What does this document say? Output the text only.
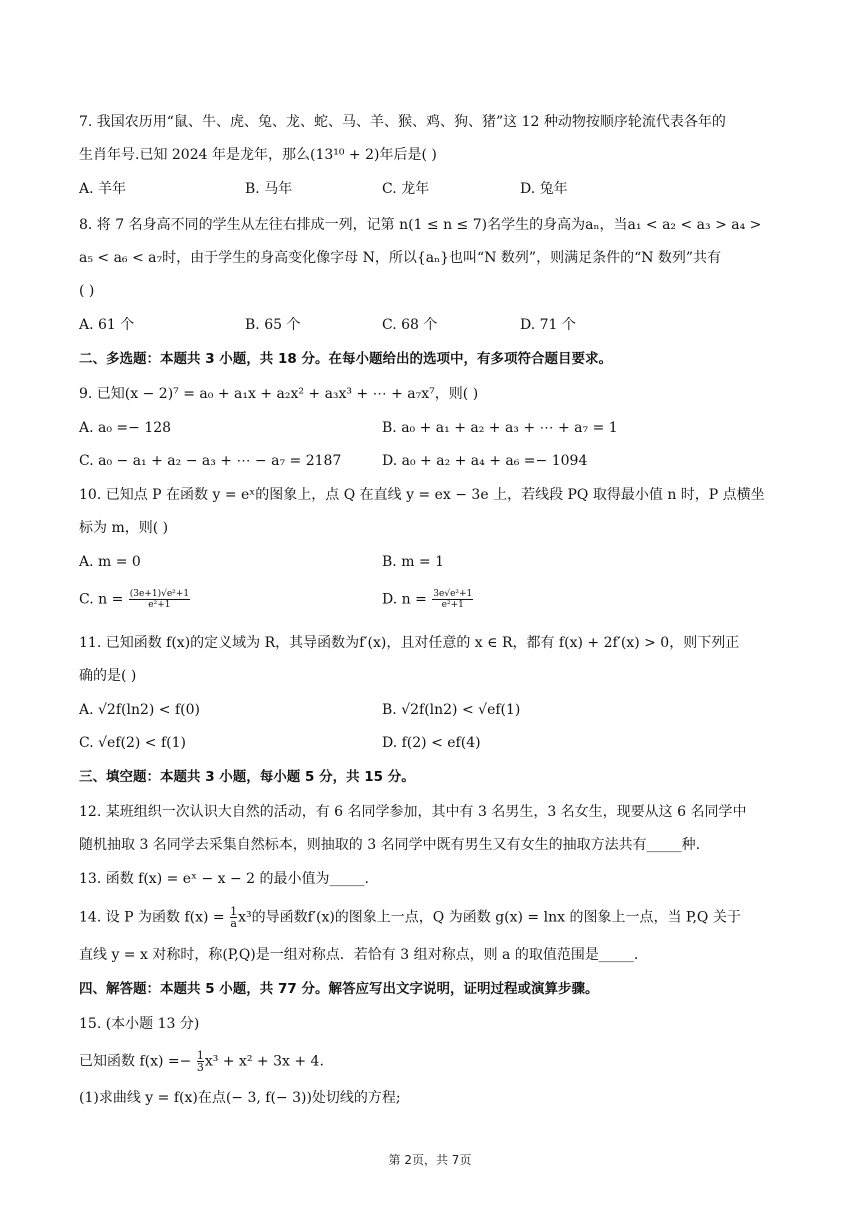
7. 我国农历用“鼠、牛、虎、兔、龙、蛇、马、羊、猴、鸡、狗、猪”这 12 种动物按顺序轮流代表各年的
生肖年号.已知 2024 年是龙年，那么(13¹⁰ + 2)年后是( )
A. 羊年	B. 马年	C. 龙年	D. 兔年
8. 将 7 名身高不同的学生从左往右排成一列，记第 n(1 ≤ n ≤ 7)名学生的身高为aₙ，当a₁ < a₂ < a₃ > a₄ >
a₅ < a₆ < a₇时，由于学生的身高变化像字母 N，所以{aₙ}也叫“N 数列”，则满足条件的“N 数列”共有
( )
A. 61 个	B. 65 个	C. 68 个	D. 71 个
二、多选题：本题共 3 小题，共 18 分。在每小题给出的选项中，有多项符合题目要求。
9. 已知(x − 2)⁷ = a₀ + a₁x + a₂x² + a₃x³ + ⋯ + a₇x⁷，则( )
A. a₀ =− 128	B. a₀ + a₁ + a₂ + a₃ + ⋯ + a₇ = 1
C. a₀ − a₁ + a₂ − a₃ + ⋯ − a₇ = 2187	D. a₀ + a₂ + a₄ + a₆ =− 1094
10. 已知点 P 在函数 y = eˣ的图象上，点 Q 在直线 y = ex − 3e 上，若线段 PQ 取得最小值 n 时，P 点横坐
标为 m，则( )
A. m = 0	B. m = 1
C. $n = \frac{\text{(3e+1)√e²+1}}{\text{e²+1}}$	D. $n = \frac{\text{3e√e²+1}}{\text{e²+1}}$
11. 已知函数 f(x)的定义域为 R，其导函数为f′(x)，且对任意的 x ∈ R，都有 f(x) + 2f′(x) > 0，则下列正
确的是( )
A. √2f(ln2) < f(0)	B. √2f(ln2) < √ef(1)
C. √ef(2) < f(1)	D. f(2) < ef(4)
三、填空题：本题共 3 小题，每小题 5 分，共 15 分。
12. 某班组织一次认识大自然的活动，有 6 名同学参加，其中有 3 名男生，3 名女生，现要从这 6 名同学中
随机抽取 3 名同学去采集自然标本，则抽取的 3 名同学中既有男生又有女生的抽取方法共有_____种.
13. 函数 f(x) = eˣ − x − 2 的最小值为_____.
14. 设 P 为函数 $f(x) = \frac{1}{a} x^3$的导函数f′(x)的图象上一点，Q 为函数 g(x) = lnx 的图象上一点，当 P,Q 关于
直线 y = x 对称时，称(P,Q)是一组对称点．若恰有 3 组对称点，则 a 的取值范围是_____.
四、解答题：本题共 5 小题，共 77 分。解答应写出文字说明，证明过程或演算步骤。
15. (本小题 13 分)
已知函数 $f(x) =- \frac{1}{3} x^3 + x^2 + 3x + 4$.
(1)求曲线 y = f(x)在点(− 3, f(− 3))处切线的方程;
第 2页，共 7页
